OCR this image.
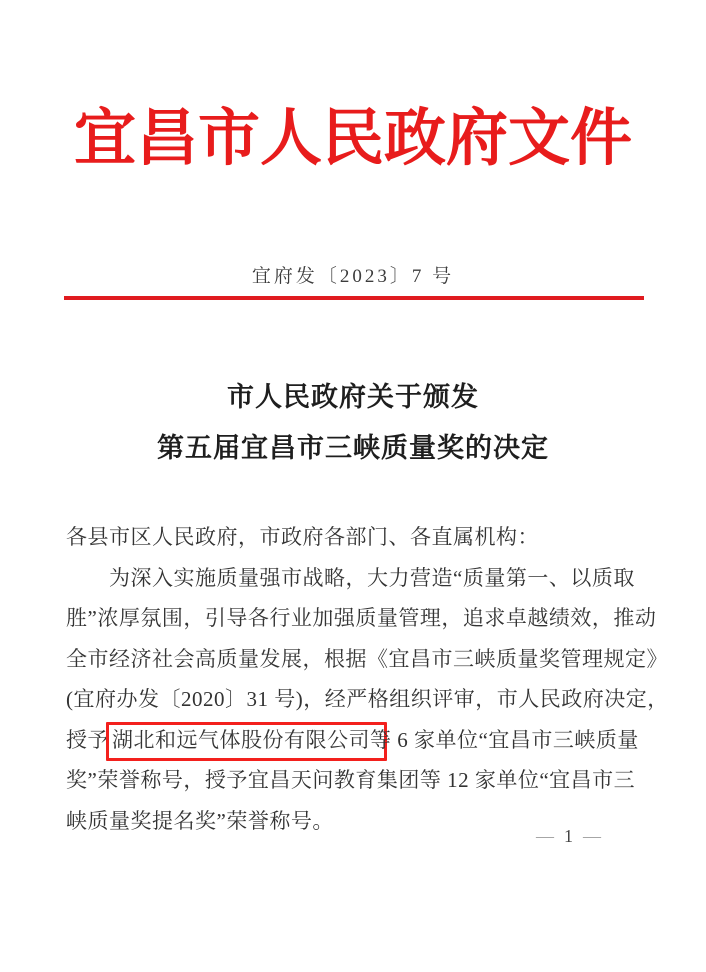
宜昌市人民政府文件
宜府发〔2023〕7 号
市人民政府关于颁发
第五届宜昌市三峡质量奖的决定
各县市区人民政府，市政府各部门、各直属机构：
为深入实施质量强市战略，大力营造“质量第一、以质取
胜”浓厚氛围，引导各行业加强质量管理，追求卓越绩效，推动
全市经济社会高质量发展，根据《宜昌市三峡质量奖管理规定》
(宜府办发〔2020〕31 号)，经严格组织评审，市人民政府决定，
授予 湖北和远气体股份有限公司等 6 家单位“宜昌市三峡质量
奖”荣誉称号，授予宜昌天问教育集团等 12 家单位“宜昌市三
峡质量奖提名奖”荣誉称号。
— 1 —
